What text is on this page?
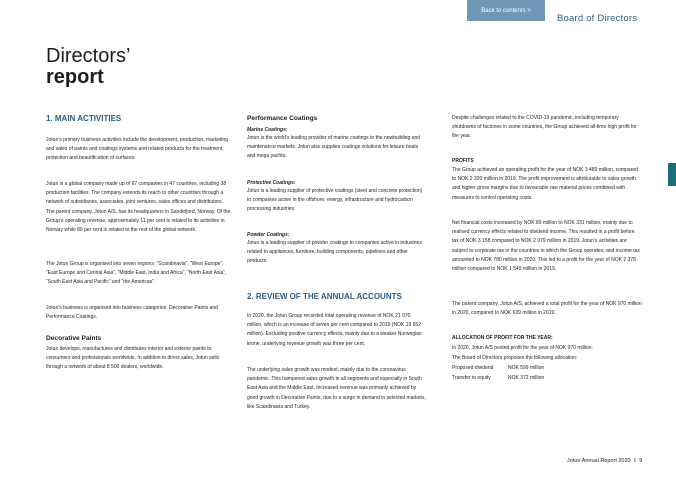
Back to contents >
Board of Directors
Directors’
report
1. MAIN ACTIVITIES
Jotun’s primary business activities include the development, production, marketing and sales of paints and coatings systems and related products for the treatment, protection and beautification of surfaces.
Jotun is a global company made up of 67 companies in 47 countries, including 38 production facilities. The company extends its reach to other countries through a network of subsidiaries, associates, joint ventures, sales offices and distributors. The parent company, Jotun A/S, has its headquarters in Sandefjord, Norway. Of the Group’s operating revenue, approximately 11 per cent is related to its activities in Norway while 89 per cent is related to the rest of the global network.
The Jotun Group is organised into seven regions: “Scandinavia”, “West Europe”, “East Europe and Central Asia”, “Middle East, India and Africa”, “North East Asia”, “South East Asia and Pacific” and “the Americas”.
Jotun’s business is organised into business categories: Decorative Paints and Performance Coatings.
Decorative Paints
Jotun develops, manufactures and distributes interior and exterior paints to consumers and professionals worldwide. In addition to direct sales, Jotun sells through a network of about 8 500 dealers, worldwide.
Performance Coatings
Marine Coatings:
Jotun is the world’s leading provider of marine coatings to the newbuilding and maintenance markets. Jotun also supplies coatings solutions for leisure boats and mega yachts.
Protective Coatings:
Jotun is a leading supplier of protective coatings (steel and concrete protection) to companies active in the offshore, energy, infrastructure and hydrocarbon processing industries.
Powder Coatings:
Jotun is a leading supplier of powder coatings to companies active in industries related to appliances, furniture, building components, pipelines and other products.
2. REVIEW OF THE ANNUAL ACCOUNTS
In 2020, the Jotun Group recorded total operating revenue of NOK 21 070 million, which is an increase of seven per cent compared to 2019 (NOK 19 652 million). Excluding positive currency effects, mainly due to a weaker Norwegian krone, underlying revenue growth was three per cent.
The underlying sales growth was modest, mainly due to the coronavirus pandemic. This hampered sales growth in all segments and especially in South East Asia and the Middle East. Increased revenue was primarily achieved by good growth in Decorative Paints, due to a surge in demand in selected markets, like Scandinavia and Turkey.
Despite challenges related to the COVID-19 pandemic, including temporary shutdowns of factories in some countries, the Group achieved all-time high profit for the year.
PROFITS
The Group achieved an operating profit for the year of NOK 3 489 million, compared to NOK 2 320 million in 2019. The profit improvement is attributable to sales growth and higher gross margins due to favourable raw material prices combined with measures to control operating costs.
Net financial costs increased by NOK 89 million to NOK 331 million, mainly due to realised currency effects related to dividend income. This resulted in a profit before tax of NOK 3 158 compared to NOK 2 079 million in 2019. Jotun’s activities are subject to corporate tax in the countries in which the Group operates, and income tax amounted to NOK 780 million in 2020. This led to a profit for the year of NOK 2 378 million compared to NOK 1 549 million in 2019.
The parent company, Jotun A/S, achieved a total profit for the year of NOK 970 million in 2020, compared to NOK 639 million in 2019.
ALLOCATION OF PROFIT FOR THE YEAR:
In 2020, Jotun A/S posted profit for the year of NOK 970 million.
The Board of Directors proposes the following allocation:
Proposed dividend	NOK 599 million
Transfer to equity	NOK 372 million
Jotun Annual Report 2020 I 9
